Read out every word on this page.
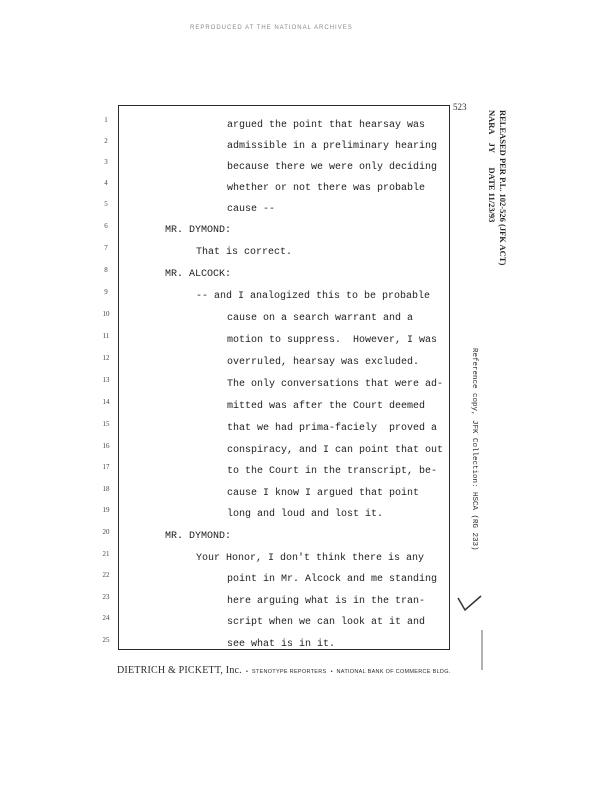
REPRODUCED AT THE NATIONAL ARCHIVES
523
1
2
3
4
5
6
7
8
9
10
11
12
13
14
15
16
17
18
19
20
21
22
23
24
25
argued the point that hearsay was
admissible in a preliminary hearing
because there we were only deciding
whether or not there was probable
cause --
MR. DYMOND:
That is correct.
MR. ALCOCK:
-- and I analogized this to be probable
cause on a search warrant and a
motion to suppress.  However, I was
overruled, hearsay was excluded.
The only conversations that were ad-
mitted was after the Court deemed
that we had prima-faciely  proved a
conspiracy, and I can point that out
to the Court in the transcript, be-
cause I know I argued that point
long and loud and lost it.
MR. DYMOND:
Your Honor, I don't think there is any
point in Mr. Alcock and me standing
here arguing what is in the tran-
script when we can look at it and
see what is in it.
DIETRICH & PICKETT, Inc.  •  STENOTYPE REPORTERS  •  NATIONAL BANK OF COMMERCE BLDG.
RELEASED PER P.L. 102-526 (JFK ACT)
NARA    JY       DATE 11/23/93
Reference copy, JFK Collection: HSCA (RG 233)
